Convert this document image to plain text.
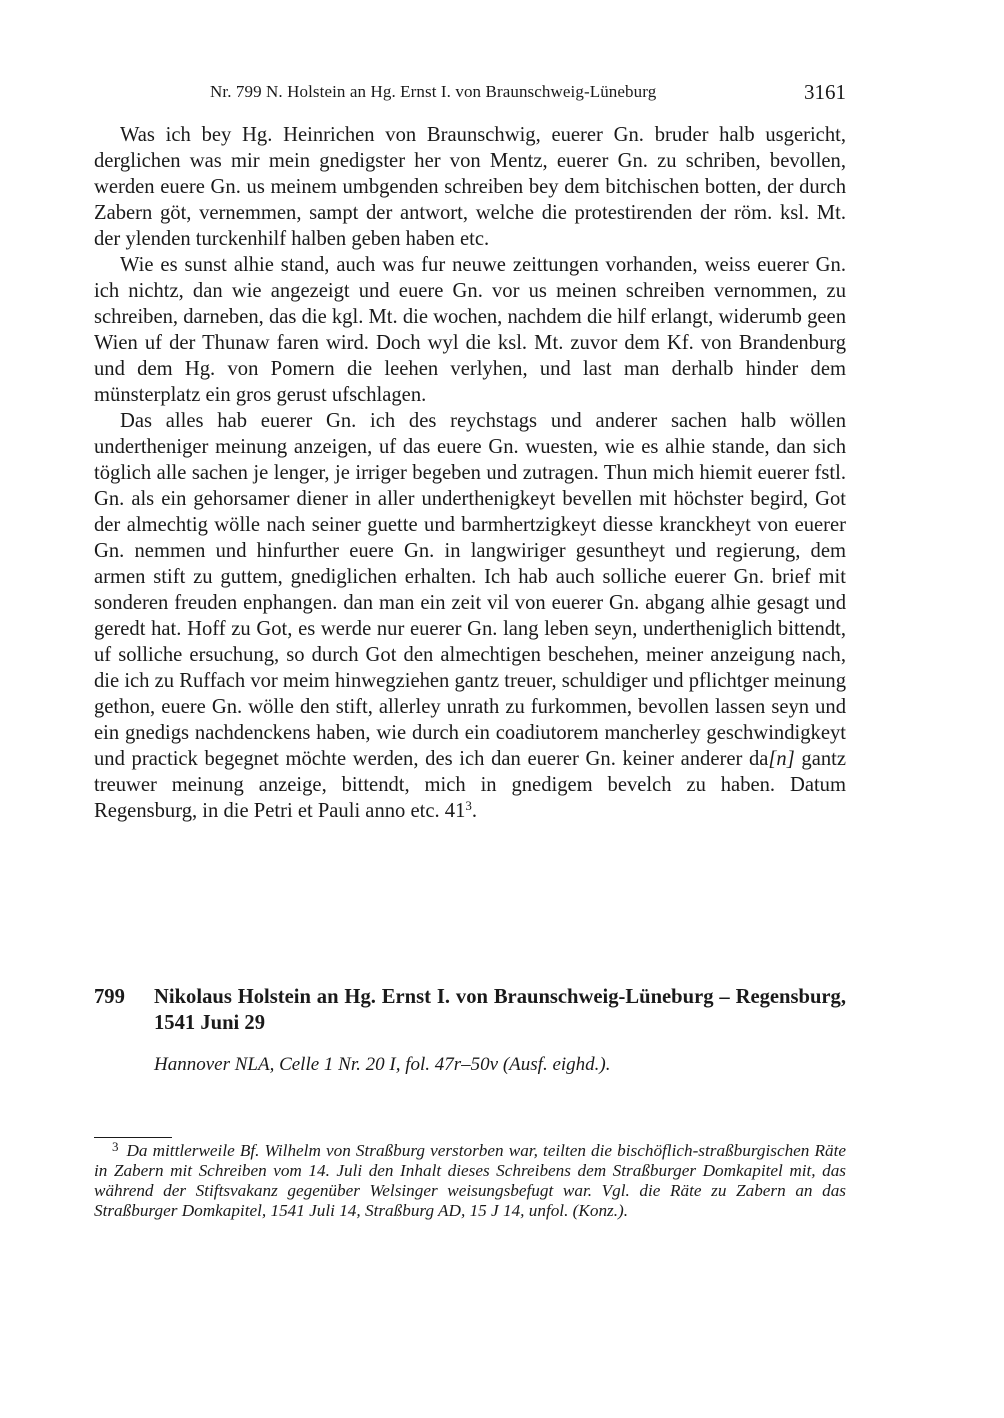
Nr. 799 N. Holstein an Hg. Ernst I. von Braunschweig-Lüneburg	3161

Was ich bey Hg. Heinrichen von Braunschwig, euerer Gn. bruder halb usgericht, derglichen was mir mein gnedigster her von Mentz, euerer Gn. zu schriben, bevollen, werden euere Gn. us meinem umbgenden schreiben bey dem bitchischen botten, der durch Zabern göt, vernemmen, sampt der antwort, welche die protestirenden der röm. ksl. Mt. der ylenden turckenhilf halben geben haben etc.

Wie es sunst alhie stand, auch was fur neuwe zeittungen vorhanden, weiss euerer Gn. ich nichtz, dan wie angezeigt und euere Gn. vor us meinen schreiben vernommen, zu schreiben, darneben, das die kgl. Mt. die wochen, nachdem die hilf erlangt, widerumb geen Wien uf der Thunaw faren wird. Doch wyl die ksl. Mt. zuvor dem Kf. von Brandenburg und dem Hg. von Pomern die leehen verlyhen, und last man derhalb hinder dem münsterplatz ein gros gerust ufschlagen.

Das alles hab euerer Gn. ich des reychstags und anderer sachen halb wöllen undertheniger meinung anzeigen, uf das euere Gn. wuesten, wie es alhie stande, dan sich töglich alle sachen je lenger, je irriger begeben und zutragen. Thun mich hiemit euerer fstl. Gn. als ein gehorsamer diener in aller underthenigkeyt bevellen mit höchster begird, Got der almechtig wölle nach seiner guette und barmhertzigkeyt diesse kranckheyt von euerer Gn. nemmen und hinfurther euere Gn. in langwiriger gesuntheyt und regierung, dem armen stift zu guttem, gnediglichen erhalten. Ich hab auch solliche euerer Gn. brief mit sonderen freuden enphangen. dan man ein zeit vil von euerer Gn. abgang alhie gesagt und geredt hat. Hoff zu Got, es werde nur euerer Gn. lang leben seyn, undertheniglich bittendt, uf solliche ersuchung, so durch Got den almechtigen beschehen, meiner anzeigung nach, die ich zu Ruffach vor meim hinwegziehen gantz treuer, schuldiger und pflichtger meinung gethon, euere Gn. wölle den stift, allerley unrath zu furkommen, bevollen lassen seyn und ein gnedigs nachdenckens haben, wie durch ein coadiutorem mancherley geschwindigkeyt und practick begegnet möchte werden, des ich dan euerer Gn. keiner anderer da[n] gantz treuwer meinung anzeige, bittendt, mich in gnedigem bevelch zu haben. Datum Regensburg, in die Petri et Pauli anno etc. 41$^3$.

799 Nikolaus Holstein an Hg. Ernst I. von Braunschweig-Lüneburg – Regensburg, 1541 Juni 29

Hannover NLA, Celle 1 Nr. 20 I, fol. 47r–50v (Ausf. eighd.).

$^3$ Da mittlerweile Bf. Wilhelm von Straßburg verstorben war, teilten die bischöflich-straßburgischen Räte in Zabern mit Schreiben vom 14. Juli den Inhalt dieses Schreibens dem Straßburger Domkapitel mit, das während der Stiftsvakanz gegenüber Welsinger weisungsbefugt war. Vgl. die Räte zu Zabern an das Straßburger Domkapitel, 1541 Juli 14, Straßburg AD, 15 J 14, unfol. (Konz.).
